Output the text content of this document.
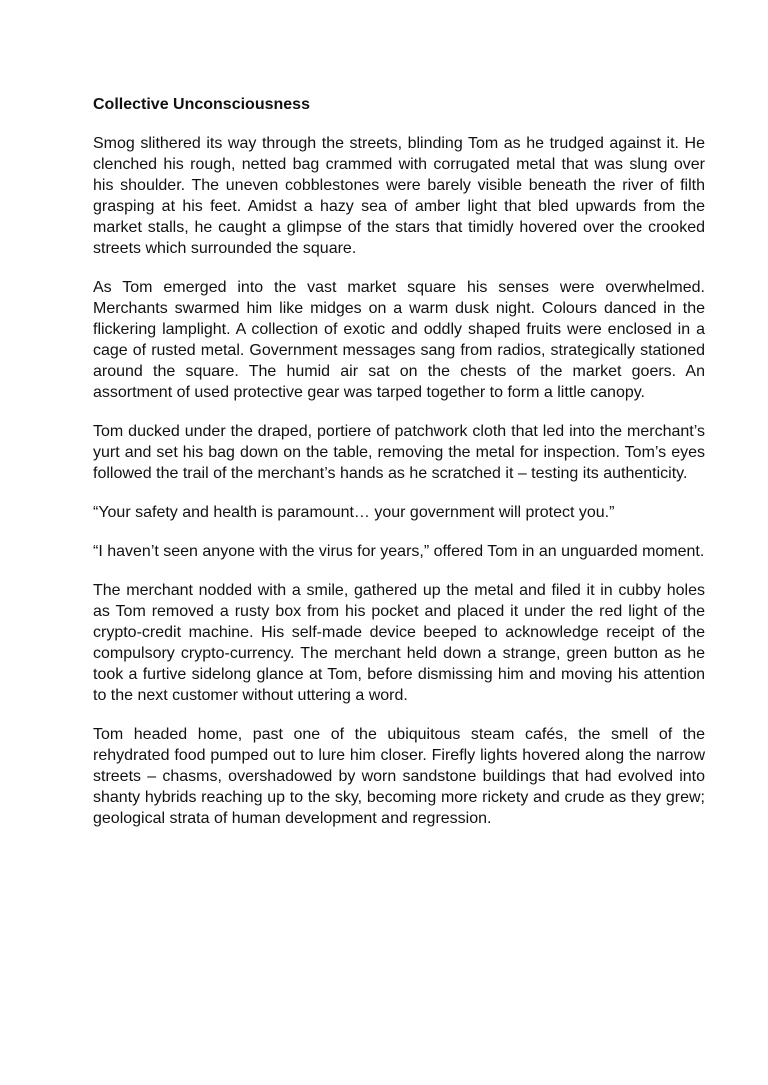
Collective Unconsciousness

Smog slithered its way through the streets, blinding Tom as he trudged against it. He clenched his rough, netted bag crammed with corrugated metal that was slung over his shoulder. The uneven cobblestones were barely visible beneath the river of filth grasping at his feet. Amidst a hazy sea of amber light that bled upwards from the market stalls, he caught a glimpse of the stars that timidly hovered over the crooked streets which surrounded the square.

As Tom emerged into the vast market square his senses were overwhelmed. Merchants swarmed him like midges on a warm dusk night. Colours danced in the flickering lamplight. A collection of exotic and oddly shaped fruits were enclosed in a cage of rusted metal. Government messages sang from radios, strategically stationed around the square. The humid air sat on the chests of the market goers. An assortment of used protective gear was tarped together to form a little canopy.

Tom ducked under the draped, portiere of patchwork cloth that led into the merchant’s yurt and set his bag down on the table, removing the metal for inspection. Tom’s eyes followed the trail of the merchant’s hands as he scratched it – testing its authenticity.

“Your safety and health is paramount… your government will protect you.”

“I haven’t seen anyone with the virus for years,” offered Tom in an unguarded moment.

The merchant nodded with a smile, gathered up the metal and filed it in cubby holes as Tom removed a rusty box from his pocket and placed it under the red light of the crypto-credit machine. His self-made device beeped to acknowledge receipt of the compulsory crypto-currency. The merchant held down a strange, green button as he took a furtive sidelong glance at Tom, before dismissing him and moving his attention to the next customer without uttering a word.

Tom headed home, past one of the ubiquitous steam cafés, the smell of the rehydrated food pumped out to lure him closer. Firefly lights hovered along the narrow streets – chasms, overshadowed by worn sandstone buildings that had evolved into shanty hybrids reaching up to the sky, becoming more rickety and crude as they grew; geological strata of human development and regression.
